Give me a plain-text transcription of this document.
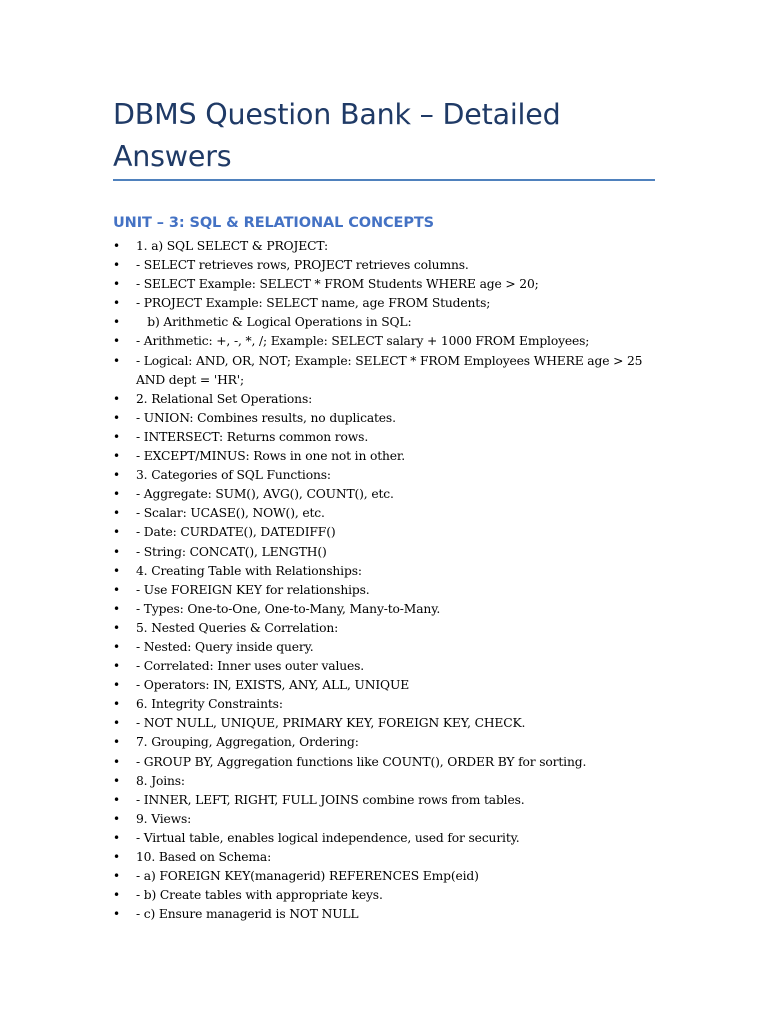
DBMS Question Bank – Detailed Answers
UNIT – 3: SQL & RELATIONAL CONCEPTS
• 1. a) SQL SELECT & PROJECT:
• - SELECT retrieves rows, PROJECT retrieves columns.
• - SELECT Example: SELECT * FROM Students WHERE age > 20;
• - PROJECT Example: SELECT name, age FROM Students;
• b) Arithmetic & Logical Operations in SQL:
• - Arithmetic: +, -, *, /; Example: SELECT salary + 1000 FROM Employees;
• - Logical: AND, OR, NOT; Example: SELECT * FROM Employees WHERE age > 25 AND dept = 'HR';
• 2. Relational Set Operations:
• - UNION: Combines results, no duplicates.
• - INTERSECT: Returns common rows.
• - EXCEPT/MINUS: Rows in one not in other.
• 3. Categories of SQL Functions:
• - Aggregate: SUM(), AVG(), COUNT(), etc.
• - Scalar: UCASE(), NOW(), etc.
• - Date: CURDATE(), DATEDIFF()
• - String: CONCAT(), LENGTH()
• 4. Creating Table with Relationships:
• - Use FOREIGN KEY for relationships.
• - Types: One-to-One, One-to-Many, Many-to-Many.
• 5. Nested Queries & Correlation:
• - Nested: Query inside query.
• - Correlated: Inner uses outer values.
• - Operators: IN, EXISTS, ANY, ALL, UNIQUE
• 6. Integrity Constraints:
• - NOT NULL, UNIQUE, PRIMARY KEY, FOREIGN KEY, CHECK.
• 7. Grouping, Aggregation, Ordering:
• - GROUP BY, Aggregation functions like COUNT(), ORDER BY for sorting.
• 8. Joins:
• - INNER, LEFT, RIGHT, FULL JOINS combine rows from tables.
• 9. Views:
• - Virtual table, enables logical independence, used for security.
• 10. Based on Schema:
• - a) FOREIGN KEY(managerid) REFERENCES Emp(eid)
• - b) Create tables with appropriate keys.
• - c) Ensure managerid is NOT NULL
